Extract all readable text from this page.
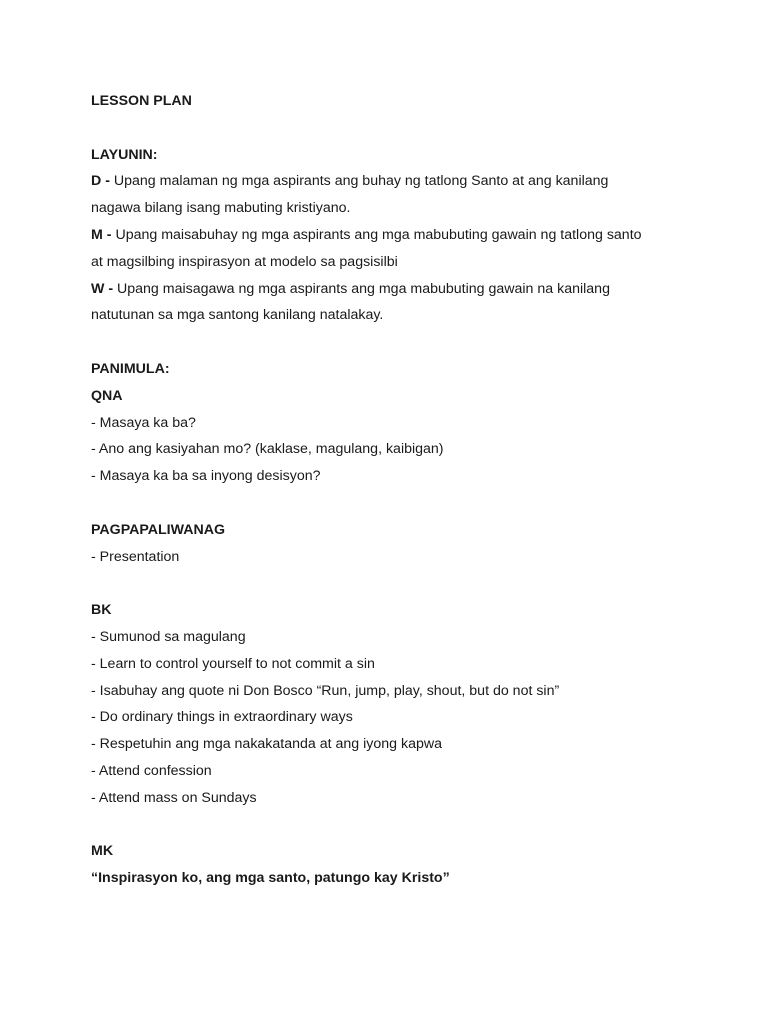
LESSON PLAN
LAYUNIN:
D - Upang malaman ng mga aspirants ang buhay ng tatlong Santo at ang kanilang
nagawa bilang isang mabuting kristiyano.
M - Upang maisabuhay ng mga aspirants ang mga mabubuting gawain ng tatlong santo
at magsilbing inspirasyon at modelo sa pagsisilbi
W - Upang maisagawa ng mga aspirants ang mga mabubuting gawain na kanilang
natutunan sa mga santong kanilang natalakay.
PANIMULA:
QNA
- Masaya ka ba?
- Ano ang kasiyahan mo? (kaklase, magulang, kaibigan)
- Masaya ka ba sa inyong desisyon?
PAGPAPALIWANAG
- Presentation
BK
- Sumunod sa magulang
- Learn to control yourself to not commit a sin
- Isabuhay ang quote ni Don Bosco “Run, jump, play, shout, but do not sin”
- Do ordinary things in extraordinary ways
- Respetuhin ang mga nakakatanda at ang iyong kapwa
- Attend confession
- Attend mass on Sundays
MK
“Inspirasyon ko, ang mga santo, patungo kay Kristo”
